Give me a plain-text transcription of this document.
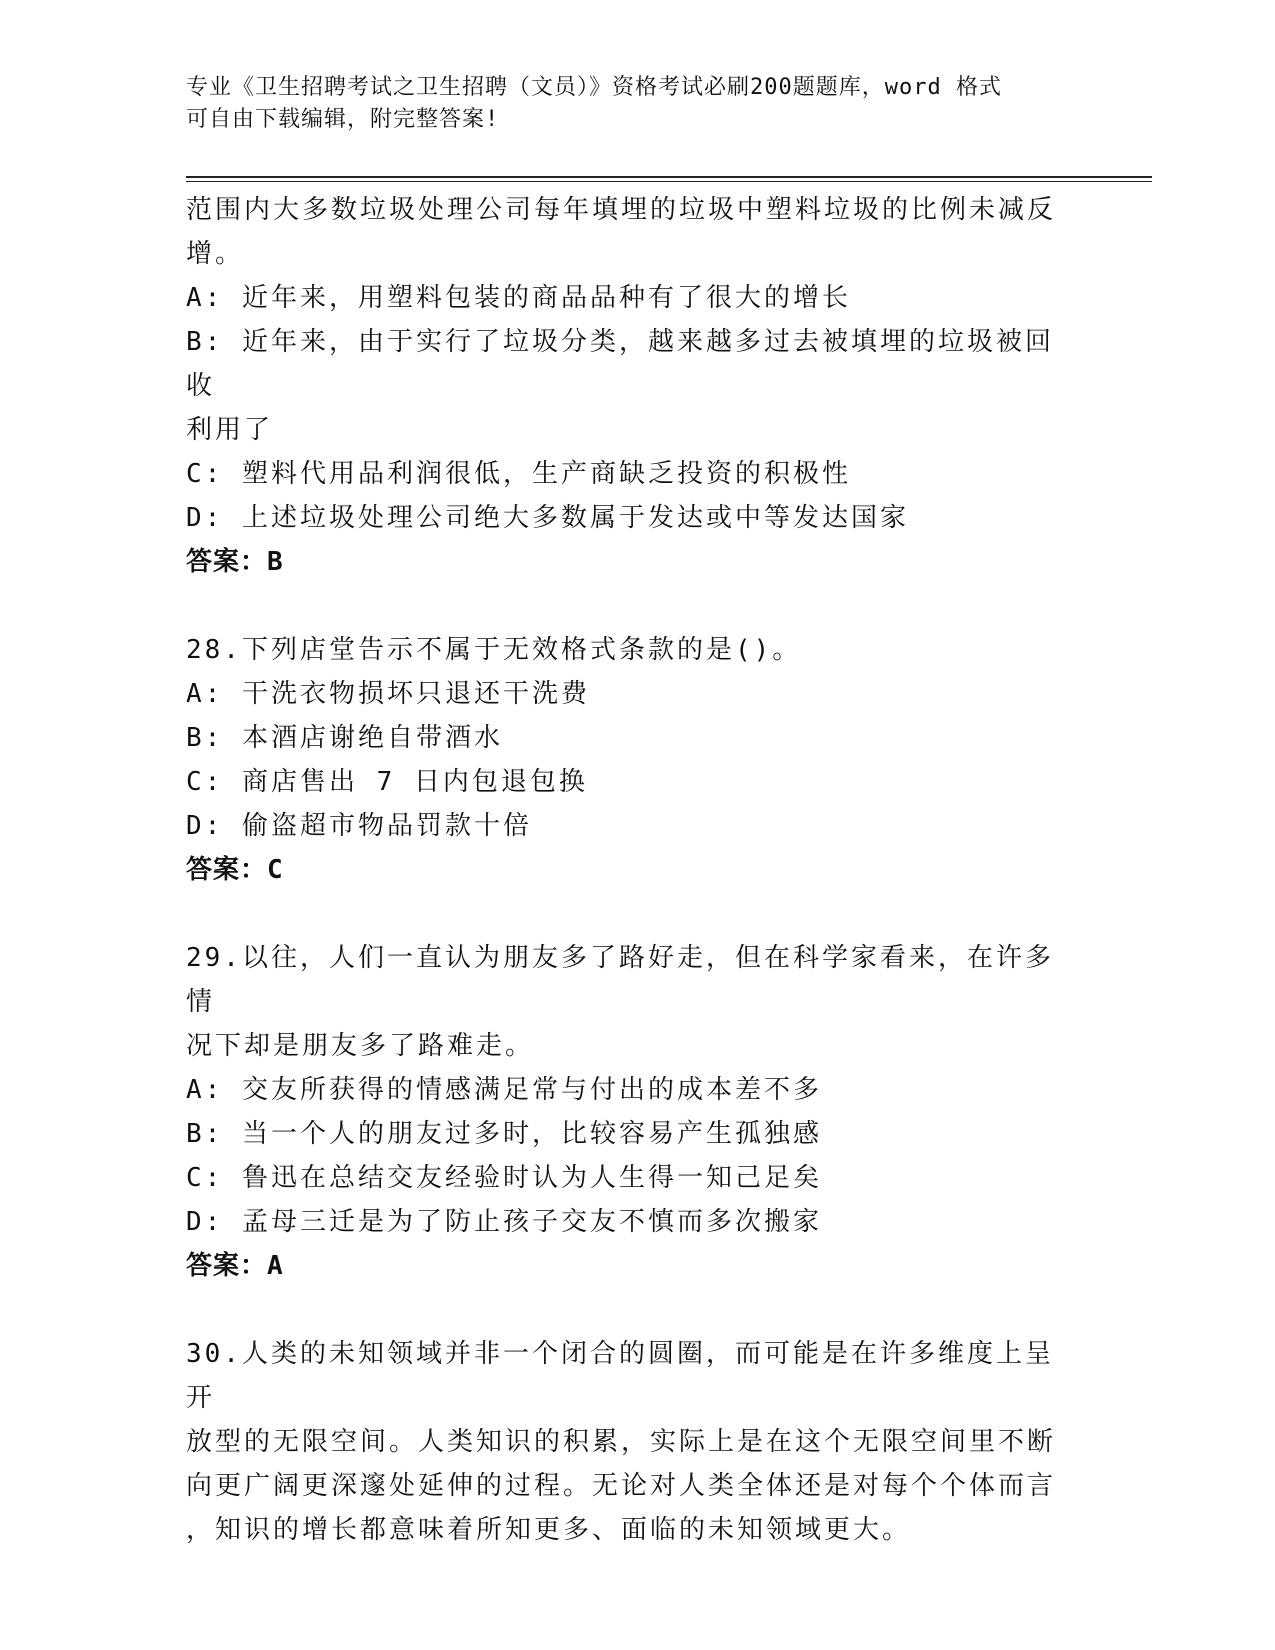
专业《卫生招聘考试之卫生招聘（文员）》资格考试必刷200题题库，word 格式

可自由下载编辑，附完整答案!

范围内大多数垃圾处理公司每年填埋的垃圾中塑料垃圾的比例未减反

增。

A: 近年来，用塑料包装的商品品种有了很大的增长

B: 近年来，由于实行了垃圾分类，越来越多过去被填埋的垃圾被回收

利用了

C: 塑料代用品利润很低，生产商缺乏投资的积极性

D: 上述垃圾处理公司绝大多数属于发达或中等发达国家

答案：B

28.下列店堂告示不属于无效格式条款的是()。

A: 干洗衣物损坏只退还干洗费

B: 本酒店谢绝自带酒水

C: 商店售出 7 日内包退包换

D: 偷盗超市物品罚款十倍

答案：C

29.以往，人们一直认为朋友多了路好走，但在科学家看来，在许多情

况下却是朋友多了路难走。

A: 交友所获得的情感满足常与付出的成本差不多

B: 当一个人的朋友过多时，比较容易产生孤独感

C: 鲁迅在总结交友经验时认为人生得一知己足矣

D: 孟母三迁是为了防止孩子交友不慎而多次搬家

答案：A

30.人类的未知领域并非一个闭合的圆圈，而可能是在许多维度上呈开

放型的无限空间。人类知识的积累，实际上是在这个无限空间里不断

向更广阔更深邃处延伸的过程。无论对人类全体还是对每个个体而言

，知识的增长都意味着所知更多、面临的未知领域更大。
